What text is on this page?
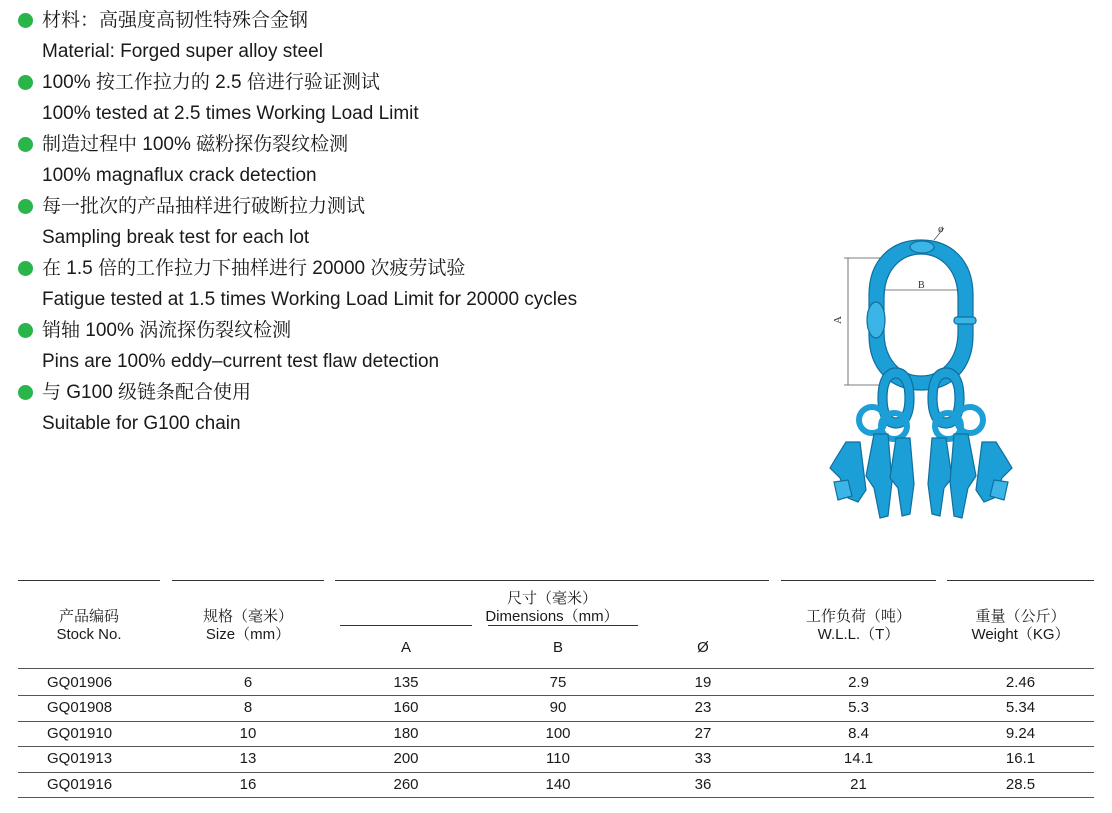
材料：高强度高韧性特殊合金钢
Material: Forged super alloy steel
100% 按工作拉力的 2.5 倍进行验证测试
100% tested at 2.5 times Working Load Limit
制造过程中 100% 磁粉探伤裂纹检测
100% magnaflux crack detection
每一批次的产品抽样进行破断拉力测试
Sampling break test for each lot
在 1.5 倍的工作拉力下抽样进行 20000 次疲劳试验
Fatigue tested at 1.5 times Working Load Limit for 20000 cycles
销轴 100% 涡流探伤裂纹检测
Pins are 100% eddy–current test flaw detection
与 G100 级链条配合使用
Suitable for G100 chain
A
B
ø
产品编码
Stock No.
规格（毫米）
Size（mm）
尺寸（毫米）
Dimensions（mm）
A	B	Ø
工作负荷（吨）
W.L.L.（T）
重量（公斤）
Weight（KG）
GQ01906	6	135	75	19	2.9	2.46
GQ01908	8	160	90	23	5.3	5.34
GQ01910	10	180	100	27	8.4	9.24
GQ01913	13	200	110	33	14.1	16.1
GQ01916	16	260	140	36	21	28.5
